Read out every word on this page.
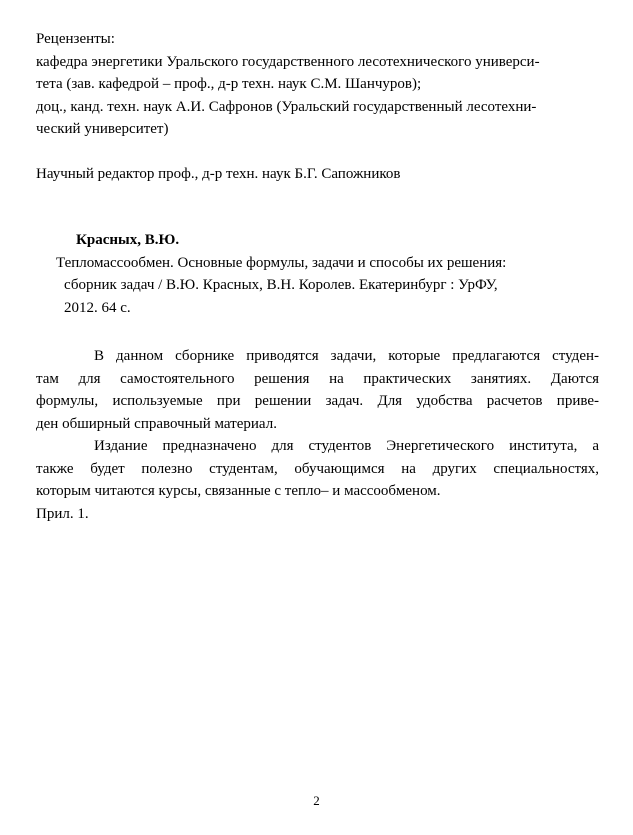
Рецензенты:
кафедра энергетики Уральского государственного лесотехнического универси-
тета (зав. кафедрой – проф., д-р техн. наук С.М. Шанчуров);
доц., канд. техн. наук А.И. Сафронов (Уральский государственный лесотехни-
ческий университет)
Научный редактор проф., д-р техн. наук Б.Г. Сапожников
Красных, В.Ю.
Тепломассообмен. Основные формулы, задачи и способы их решения:
сборник задач / В.Ю. Красных, В.Н. Королев. Екатеринбург : УрФУ,
2012. 64 с.
В данном сборнике приводятся задачи, которые предлагаются студен-
там для самостоятельного решения на практических занятиях. Даются
формулы, используемые при решении задач. Для удобства расчетов приве-
ден обширный справочный материал.
Издание предназначено для студентов Энергетического института, а
также будет полезно студентам, обучающимся на других специальностях,
которым читаются курсы, связанные с тепло– и массообменом.
Прил. 1.
2
